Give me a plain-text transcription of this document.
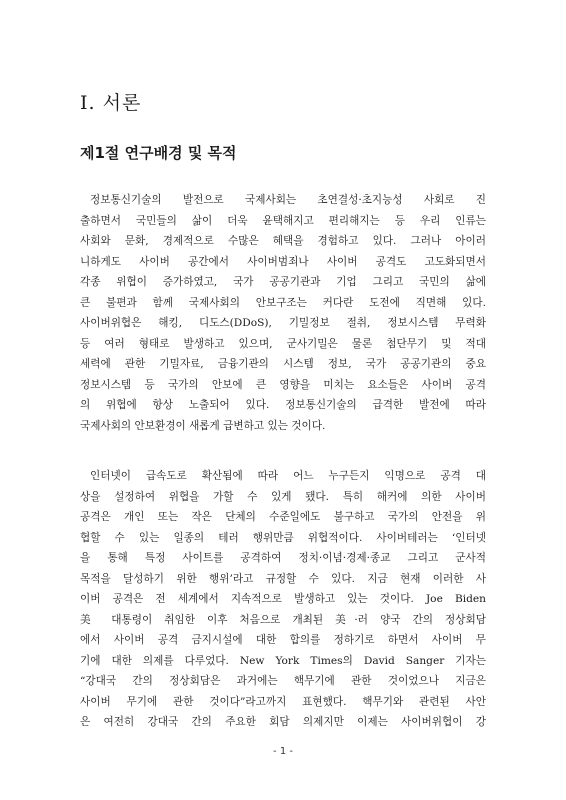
Ⅰ. 서론
제1절 연구배경 및 목적

정보통신기술의 발전으로 국제사회는 초연결성·초지능성 사회로 진
출하면서 국민들의 삶이 더욱 윤택해지고 편리해지는 등 우리 인류는
사회와 문화, 경제적으로 수많은 혜택을 경험하고 있다. 그러나 아이러
니하게도 사이버 공간에서 사이버범죄나 사이버 공격도 고도화되면서
각종 위협이 증가하였고, 국가 공공기관과 기업 그리고 국민의 삶에
큰 불편과 함께 국제사회의 안보구조는 커다란 도전에 직면해 있다.
사이버위협은 해킹, 디도스(DDoS), 기밀정보 절취, 정보시스템 무력화
등 여러 형태로 발생하고 있으며, 군사기밀은 물론 첨단무기 및 적대
세력에 관한 기밀자료, 금융기관의 시스템 정보, 국가 공공기관의 중요
정보시스템 등 국가의 안보에 큰 영향을 미치는 요소들은 사이버 공격
의 위협에 항상 노출되어 있다. 정보통신기술의 급격한 발전에 따라
국제사회의 안보환경이 새롭게 급변하고 있는 것이다.

인터넷이 급속도로 확산됨에 따라 어느 누구든지 익명으로 공격 대
상을 설정하여 위협을 가할 수 있게 됐다. 특히 해커에 의한 사이버
공격은 개인 또는 작은 단체의 수준일에도 불구하고 국가의 안전을 위
협할 수 있는 일종의 테러 행위만큼 위협적이다. 사이버테러는 ‘인터넷
을 통해 특정 사이트를 공격하여 정치·이념·경제·종교 그리고 군사적
목적을 달성하기 위한 행위’라고 규정할 수 있다. 지금 현재 이러한 사
이버 공격은 전 세계에서 지속적으로 발생하고 있는 것이다. Joe Biden
美 대통령이 취임한 이후 처음으로 개최된 美·러 양국 간의 정상회담
에서 사이버 공격 금지시설에 대한 합의를 정하기로 하면서 사이버 무
기에 대한 의제를 다루었다. New York Times의 David Sanger 기자는
“강대국 간의 정상회담은 과거에는 핵무기에 관한 것이었으나 지금은
사이버 무기에 관한 것이다”라고까지 표현했다. 핵무기와 관련된 사안
은 여전히 강대국 간의 주요한 회담 의제지만 이제는 사이버위협이 강

- 1 -
